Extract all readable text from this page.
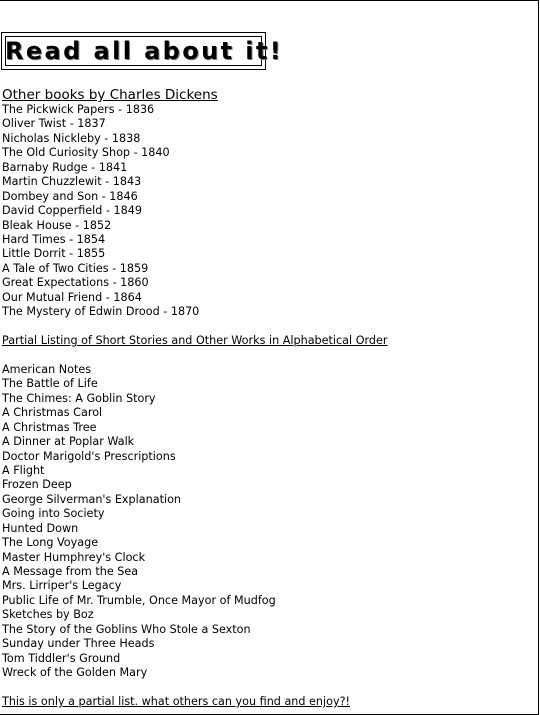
Read all about it!
Other books by Charles Dickens
The Pickwick Papers - 1836
Oliver Twist - 1837
Nicholas Nickleby - 1838
The Old Curiosity Shop - 1840
Barnaby Rudge - 1841
Martin Chuzzlewit - 1843
Dombey and Son - 1846
David Copperfield - 1849
Bleak House - 1852
Hard Times - 1854
Little Dorrit - 1855
A Tale of Two Cities - 1859
Great Expectations - 1860
Our Mutual Friend - 1864
The Mystery of Edwin Drood - 1870
Partial Listing of Short Stories and Other Works in Alphabetical Order
American Notes
The Battle of Life
The Chimes: A Goblin Story
A Christmas Carol
A Christmas Tree
A Dinner at Poplar Walk
Doctor Marigold's Prescriptions
A Flight
Frozen Deep
George Silverman's Explanation
Going into Society
Hunted Down
The Long Voyage
Master Humphrey's Clock
A Message from the Sea
Mrs. Lirriper's Legacy
Public Life of Mr. Trumble, Once Mayor of Mudfog
Sketches by Boz
The Story of the Goblins Who Stole a Sexton
Sunday under Three Heads
Tom Tiddler's Ground
Wreck of the Golden Mary
This is only a partial list. what others can you find and enjoy?!
